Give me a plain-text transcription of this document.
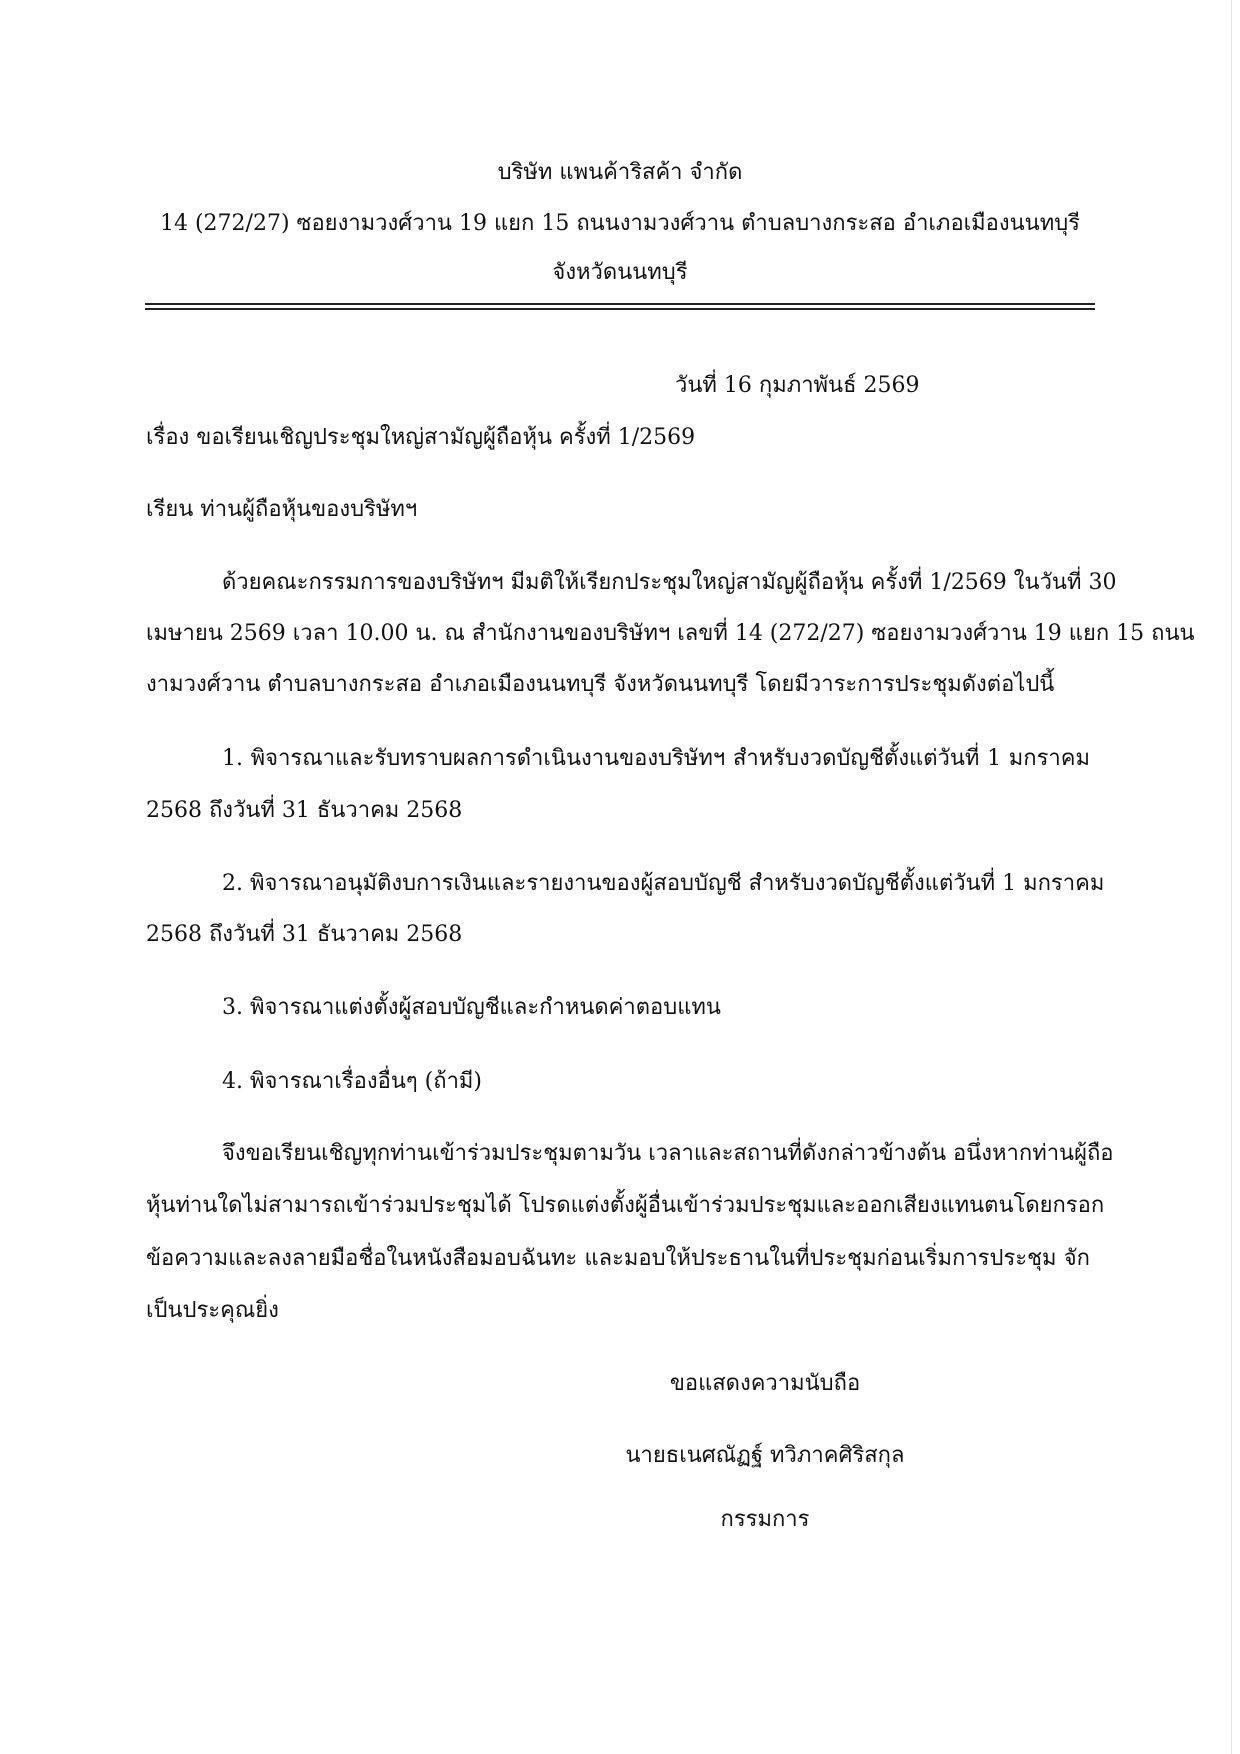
บริษัท แพนค้าริสค้า จำกัด
14 (272/27) ซอยงามวงศ์วาน 19 แยก 15 ถนนงามวงศ์วาน ตำบลบางกระสอ อำเภอเมืองนนทบุรี
จังหวัดนนทบุรี
วันที่ 16 กุมภาพันธ์ 2569
เรื่อง ขอเรียนเชิญประชุมใหญ่สามัญผู้ถือหุ้น ครั้งที่ 1/2569
เรียน ท่านผู้ถือหุ้นของบริษัทฯ
ด้วยคณะกรรมการของบริษัทฯ มีมติให้เรียกประชุมใหญ่สามัญผู้ถือหุ้น ครั้งที่ 1/2569 ในวันที่ 30
เมษายน 2569 เวลา 10.00 น. ณ สำนักงานของบริษัทฯ เลขที่ 14 (272/27) ซอยงามวงศ์วาน 19 แยก 15 ถนน
งามวงศ์วาน ตำบลบางกระสอ อำเภอเมืองนนทบุรี จังหวัดนนทบุรี โดยมีวาระการประชุมดังต่อไปนี้
1. พิจารณาและรับทราบผลการดำเนินงานของบริษัทฯ สำหรับงวดบัญชีตั้งแต่วันที่ 1 มกราคม
2568 ถึงวันที่ 31 ธันวาคม 2568
2. พิจารณาอนุมัติงบการเงินและรายงานของผู้สอบบัญชี สำหรับงวดบัญชีตั้งแต่วันที่ 1 มกราคม
2568 ถึงวันที่ 31 ธันวาคม 2568
3. พิจารณาแต่งตั้งผู้สอบบัญชีและกำหนดค่าตอบแทน
4. พิจารณาเรื่องอื่นๆ (ถ้ามี)
จึงขอเรียนเชิญทุกท่านเข้าร่วมประชุมตามวัน เวลาและสถานที่ดังกล่าวข้างต้น อนึ่งหากท่านผู้ถือ
หุ้นท่านใดไม่สามารถเข้าร่วมประชุมได้ โปรดแต่งตั้งผู้อื่นเข้าร่วมประชุมและออกเสียงแทนตนโดยกรอก
ข้อความและลงลายมือชื่อในหนังสือมอบฉันทะ และมอบให้ประธานในที่ประชุมก่อนเริ่มการประชุม จัก
เป็นประคุณยิ่ง
ขอแสดงความนับถือ
นายธเนศณัฏฐ์ ทวิภาคศิริสกุล
กรรมการ
